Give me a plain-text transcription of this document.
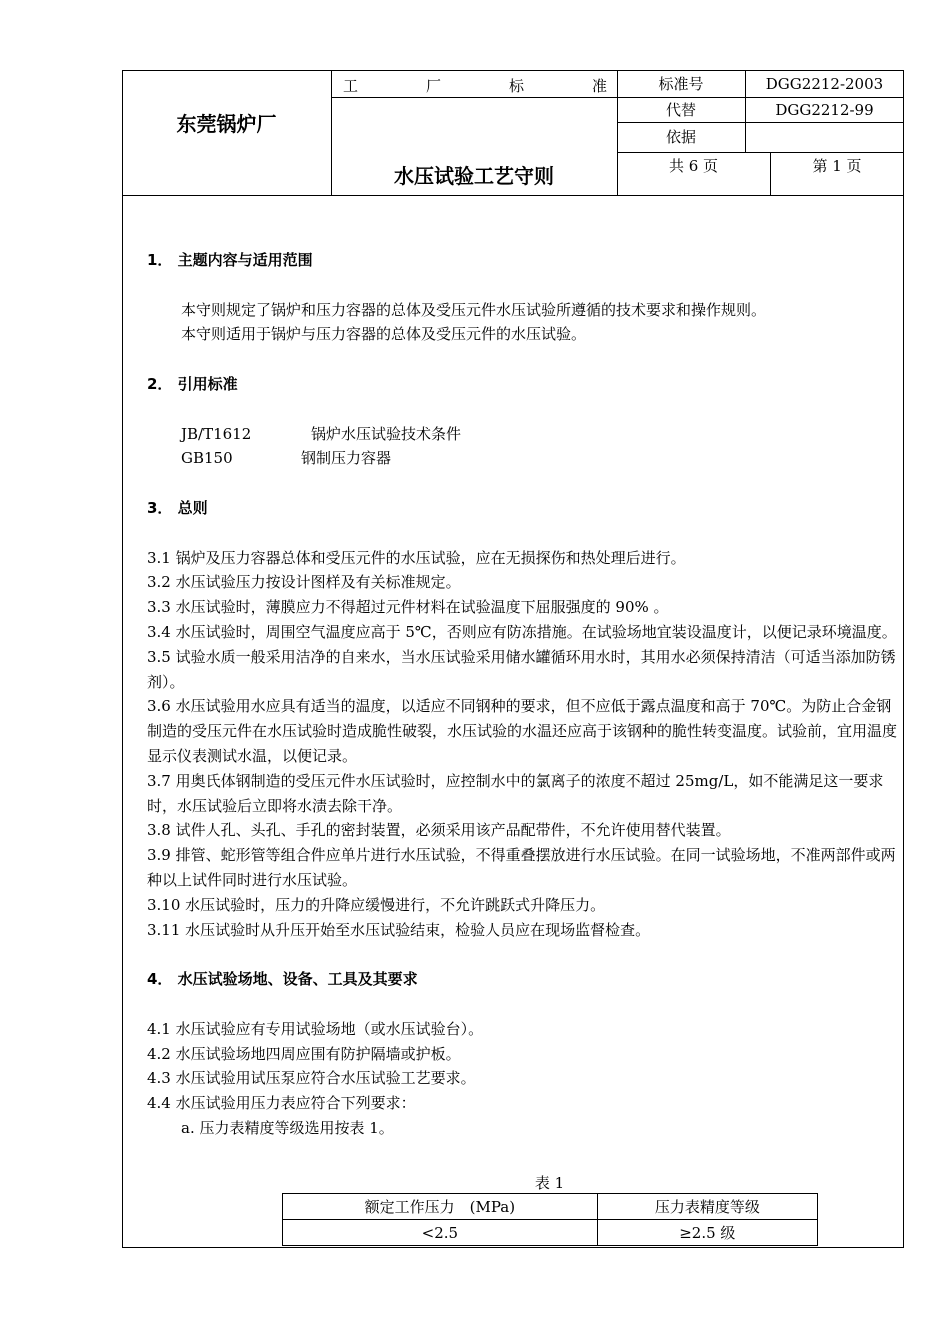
东莞锅炉厂
工	厂	标	准
水压试验工艺守则
标准号	DGG2212-2003
代替	DGG2212-99
依据
共 6 页	第 1 页

1． 主题内容与适用范围

本守则规定了锅炉和压力容器的总体及受压元件水压试验所遵循的技术要求和操作规则。

本守则适用于锅炉与压力容器的总体及受压元件的水压试验。

2． 引用标准

JB/T1612	锅炉水压试验技术条件
GB150	钢制压力容器

3． 总则

3.1 锅炉及压力容器总体和受压元件的水压试验，应在无损探伤和热处理后进行。

3.2 水压试验压力按设计图样及有关标准规定。

3.3 水压试验时，薄膜应力不得超过元件材料在试验温度下屈服强度的 90% 。

3.4 水压试验时，周围空气温度应高于 5℃，否则应有防冻措施。在试验场地宜装设温度计，以便记录环境温度。

3.5 试验水质一般采用洁净的自来水，当水压试验采用储水罐循环用水时，其用水必须保持清洁（可适当添加防锈剂）。

3.6 水压试验用水应具有适当的温度，以适应不同钢种的要求，但不应低于露点温度和高于 70℃。为防止合金钢制造的受压元件在水压试验时造成脆性破裂，水压试验的水温还应高于该钢种的脆性转变温度。试验前，宜用温度显示仪表测试水温，以便记录。

3.7 用奥氏体钢制造的受压元件水压试验时，应控制水中的氯离子的浓度不超过 25mg/L，如不能满足这一要求时，水压试验后立即将水渍去除干净。

3.8 试件人孔、头孔、手孔的密封装置，必须采用该产品配带件，不允许使用替代装置。

3.9 排管、蛇形管等组合件应单片进行水压试验，不得重叠摆放进行水压试验。在同一试验场地，不准两部件或两种以上试件同时进行水压试验。

3.10 水压试验时，压力的升降应缓慢进行，不允许跳跃式升降压力。

3.11 水压试验时从升压开始至水压试验结束，检验人员应在现场监督检查。

4． 水压试验场地、设备、工具及其要求

4.1 水压试验应有专用试验场地（或水压试验台）。

4.2 水压试验场地四周应围有防护隔墙或护板。

4.3 水压试验用试压泵应符合水压试验工艺要求。

4.4 水压试验用压力表应符合下列要求：

a. 压力表精度等级选用按表 1。

表 1
额定工作压力　(MPa)	压力表精度等级
<2.5	≥2.5 级
